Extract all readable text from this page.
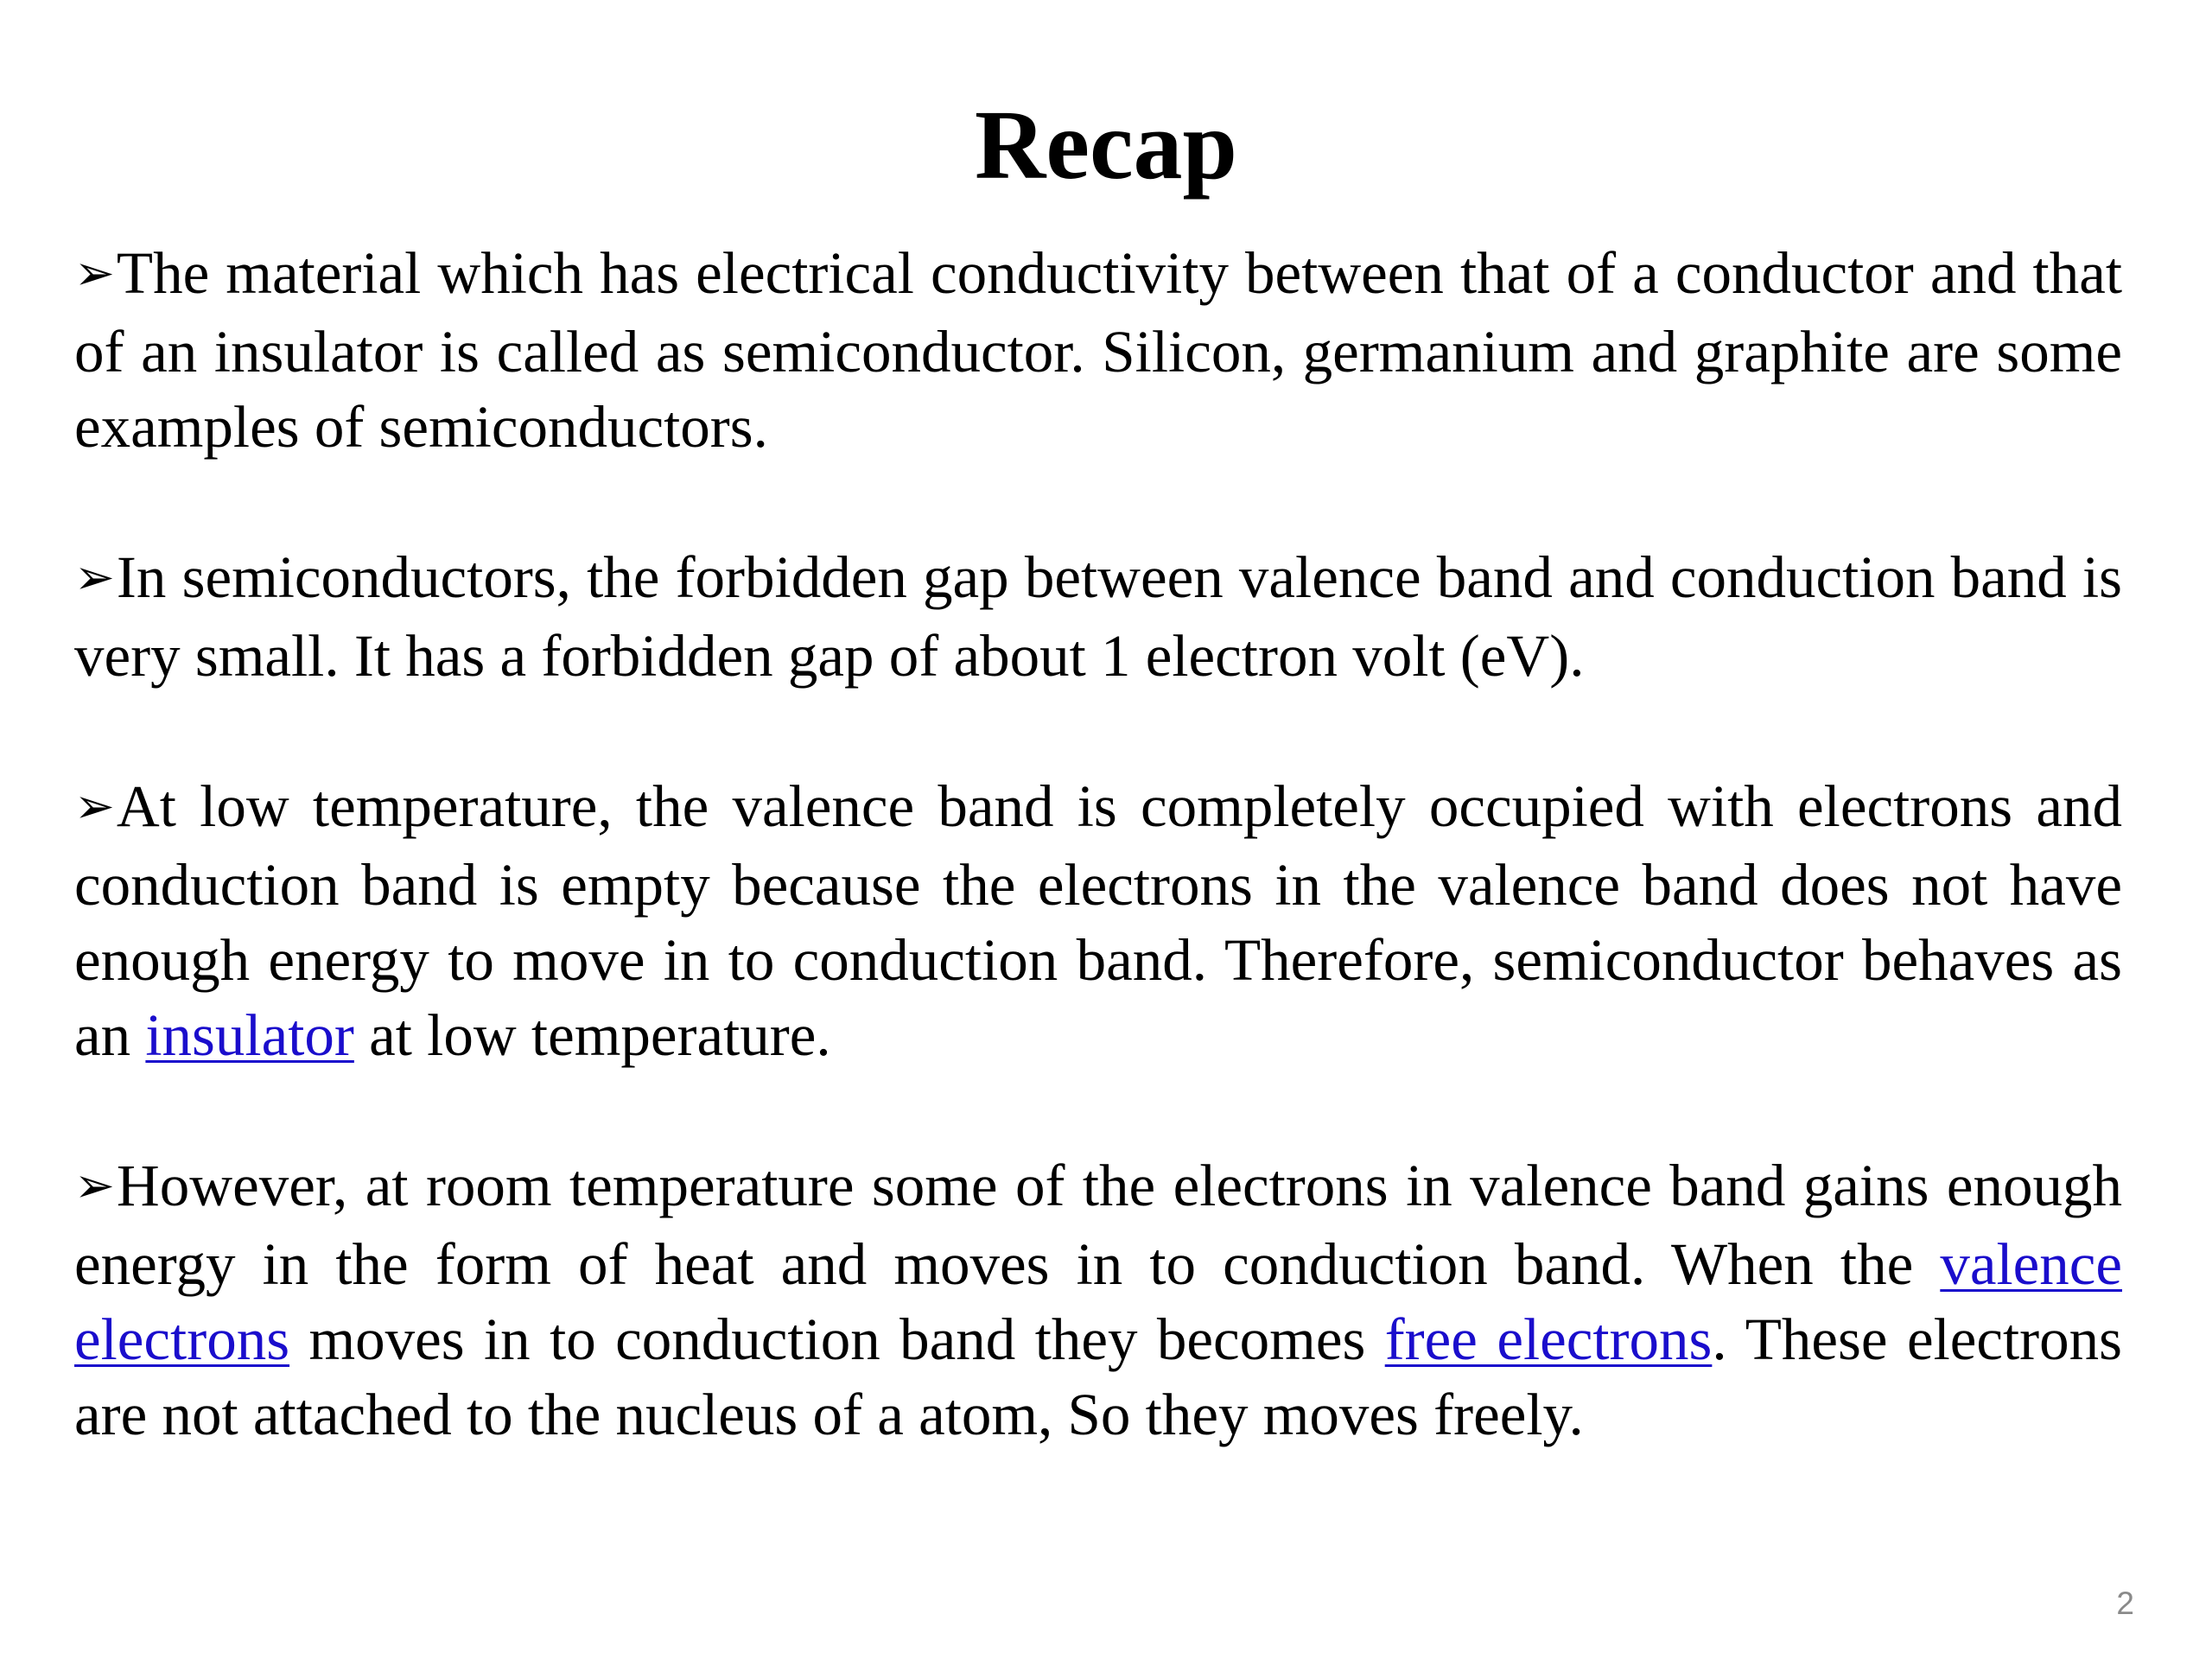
Recap

➢The material which has electrical conductivity between that of a conductor and that of an insulator is called as semiconductor. Silicon, germanium and graphite are some examples of semiconductors.

➢In semiconductors, the forbidden gap between valence band and conduction band is very small. It has a forbidden gap of about 1 electron volt (eV).

➢At low temperature, the valence band is completely occupied with electrons and conduction band is empty because the electrons in the valence band does not have enough energy to move in to conduction band. Therefore, semiconductor behaves as an insulator at low temperature.

➢However, at room temperature some of the electrons in valence band gains enough energy in the form of heat and moves in to conduction band. When the valence electrons moves in to conduction band they becomes free electrons. These electrons are not attached to the nucleus of a atom, So they moves freely.

2
